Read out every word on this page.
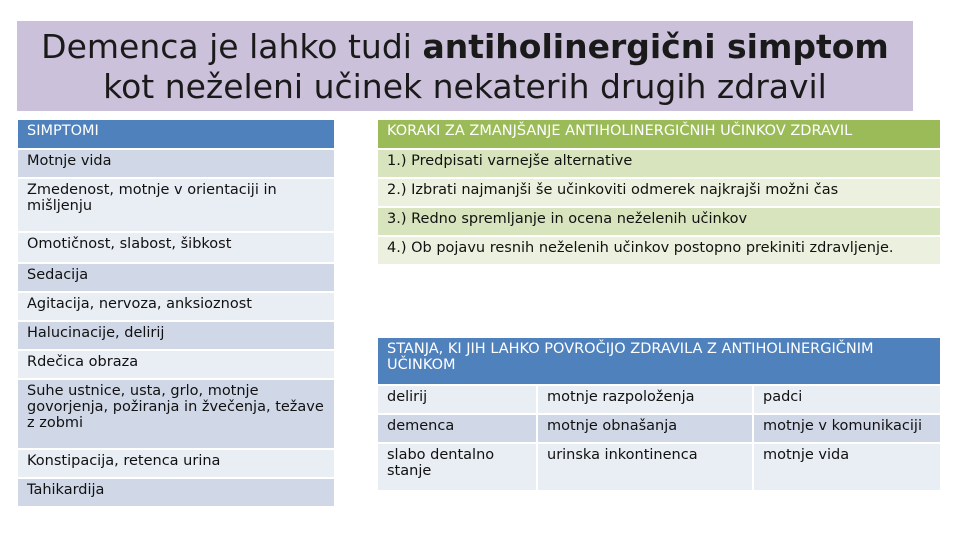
Demenca je lahko tudi antiholinergični simptom kot neželeni učinek nekaterih drugih zdravil
SIMPTOMI
Motnje vida
Zmedenost, motnje v orientaciji in mišljenju
Omotičnost, slabost, šibkost
Sedacija
Agitacija, nervoza, anksioznost
Halucinacije, delirij
Rdečica obraza
Suhe ustnice, usta, grlo, motnje govorjenja, požiranja in žvečenja, težave z zobmi
Konstipacija, retenca urina
Tahikardija
KORAKI ZA ZMANJŠANJE ANTIHOLINERGIČNIH UČINKOV ZDRAVIL
1.) Predpisati varnejše alternative
2.) Izbrati najmanjši še učinkoviti odmerek najkrajši možni čas
3.) Redno spremljanje in ocena neželenih učinkov
4.) Ob pojavu resnih neželenih učinkov postopno prekiniti zdravljenje.
STANJA, KI JIH LAHKO POVROČIJO ZDRAVILA Z ANTIHOLINERGIČNIM UČINKOM		
delirij	motnje razpoloženja	padci
demenca	motnje obnašanja	motnje v komunikaciji
slabo dentalno stanje	urinska inkontinenca	motnje vida
